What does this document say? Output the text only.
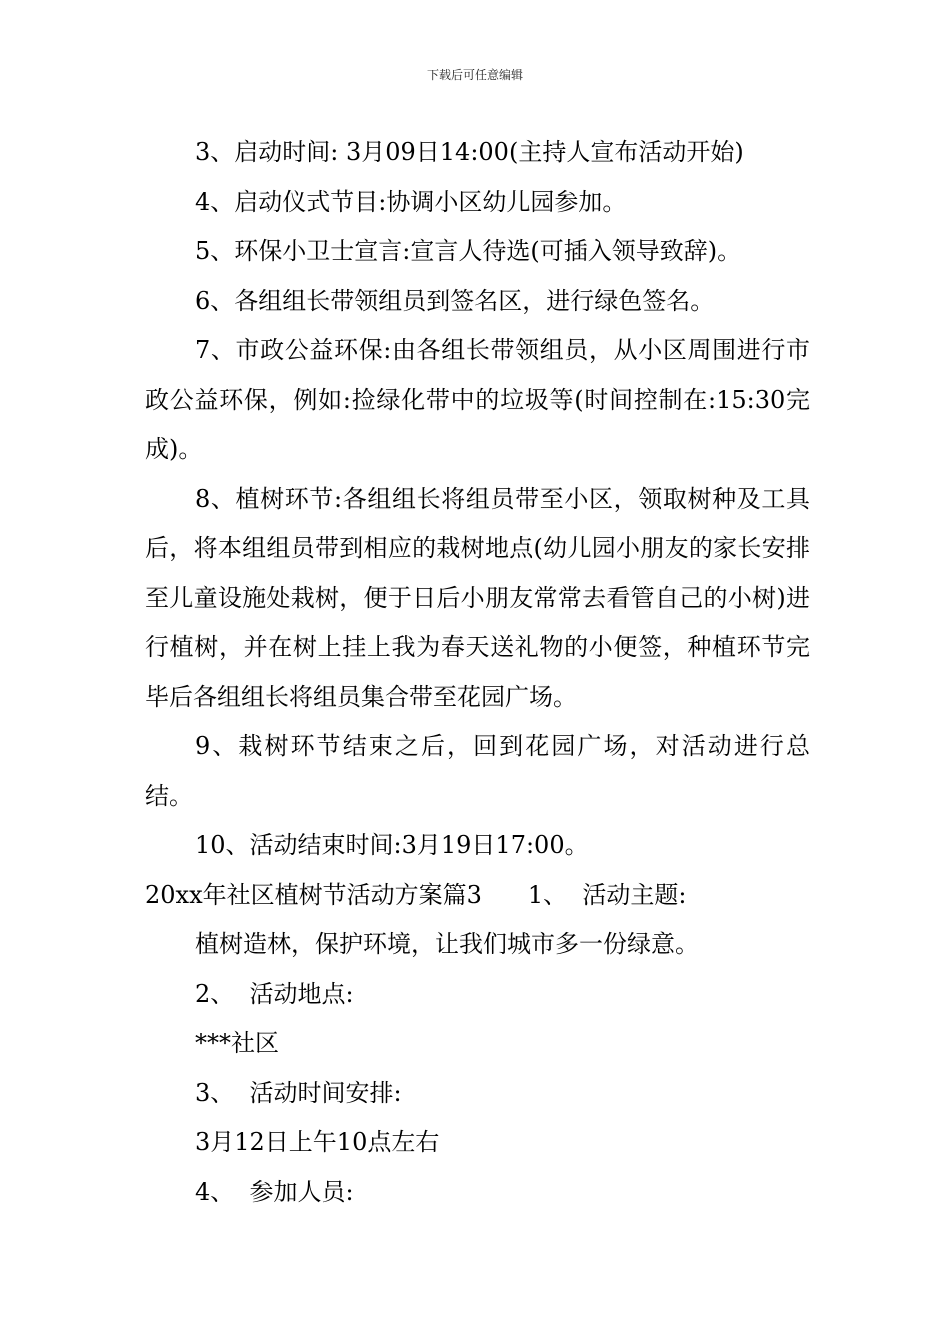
下载后可任意编辑
3、启动时间: 3月09日14:00(主持人宣布活动开始)
4、启动仪式节目:协调小区幼儿园参加。
5、环保小卫士宣言:宣言人待选(可插入领导致辞)。
6、各组组长带领组员到签名区，进行绿色签名。
7、市政公益环保:由各组长带领组员，从小区周围进行市政公益环保，例如:捡绿化带中的垃圾等(时间控制在:15:30完成)。
8、植树环节:各组组长将组员带至小区，领取树种及工具后，将本组组员带到相应的栽树地点(幼儿园小朋友的家长安排至儿童设施处栽树，便于日后小朋友常常去看管自己的小树)进行植树，并在树上挂上我为春天送礼物的小便签，种植环节完毕后各组组长将组员集合带至花园广场。
9、栽树环节结束之后，回到花园广场，对活动进行总结。
10、活动结束时间:3月19日17:00。
20xx年社区植树节活动方案篇3 1、  活动主题:
植树造林，保护环境，让我们城市多一份绿意。
2、  活动地点:
***社区
3、  活动时间安排:
3月12日上午10点左右
4、  参加人员:
